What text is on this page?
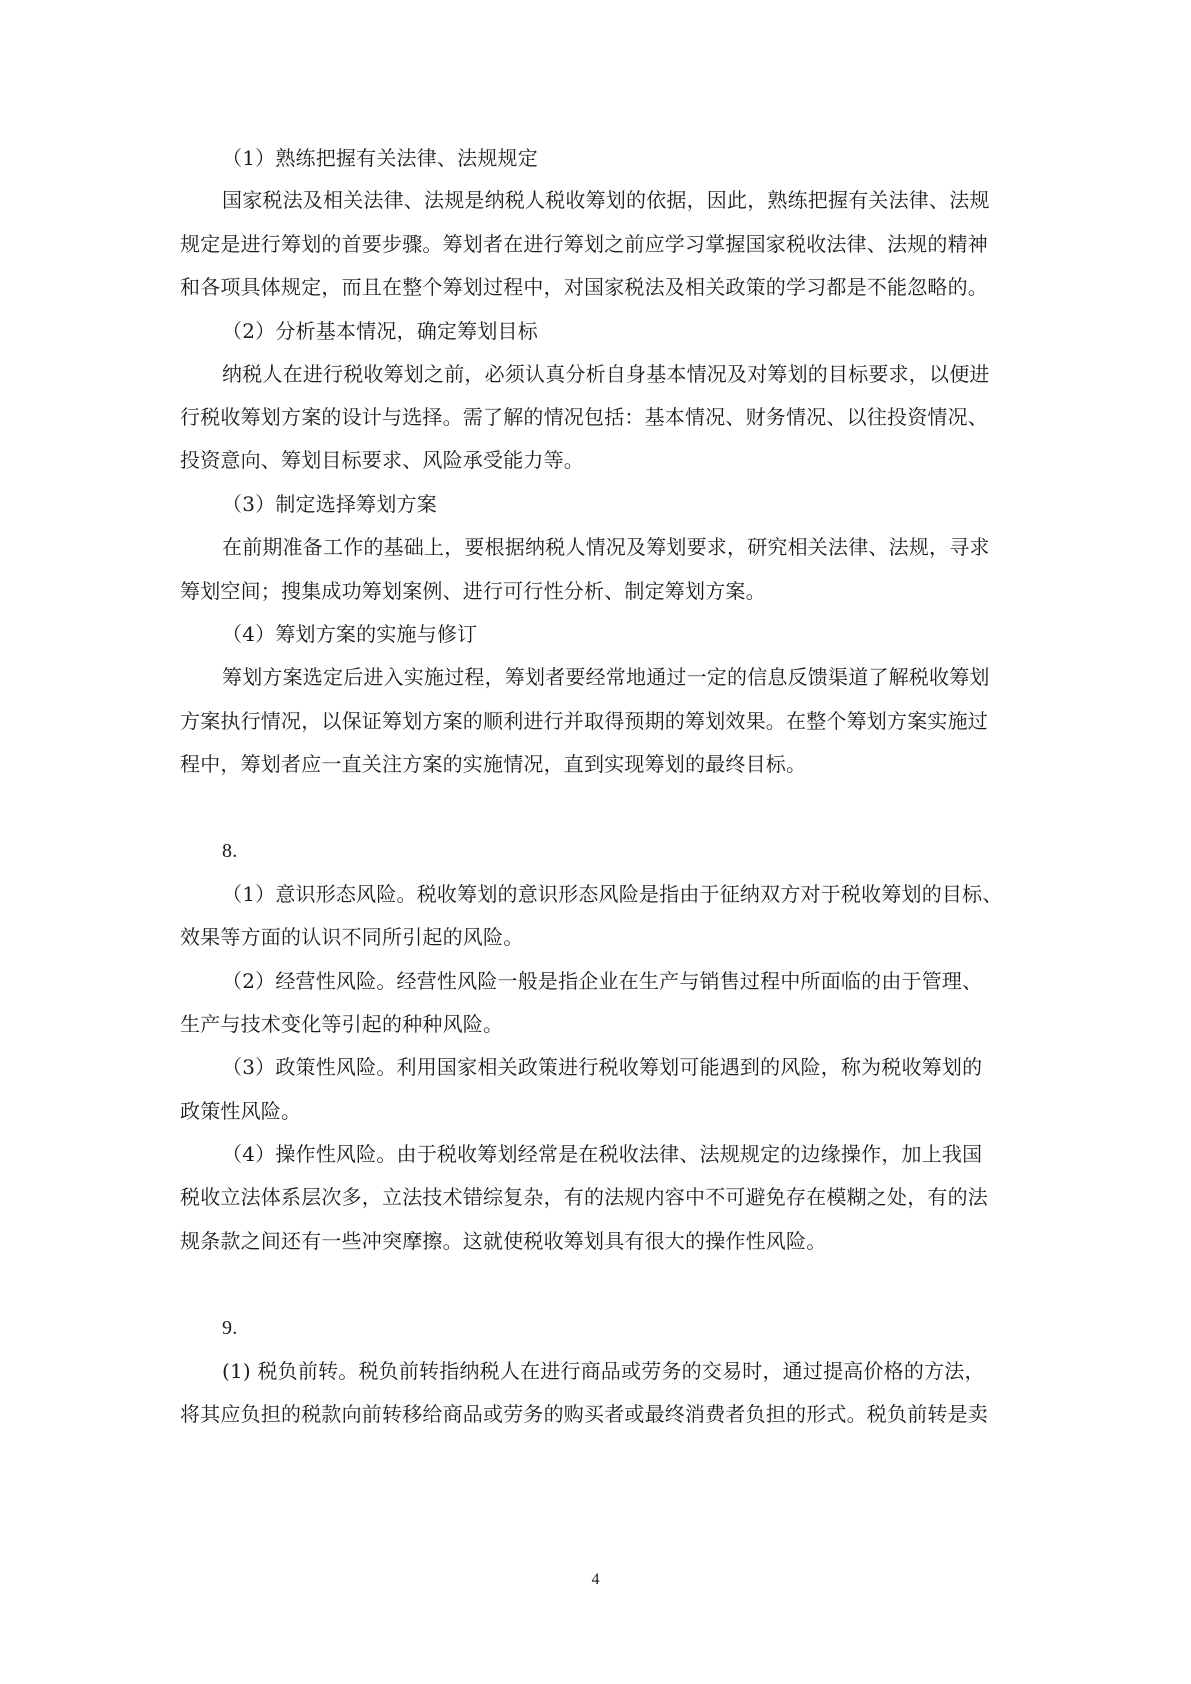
（1）熟练把握有关法律、法规规定
国家税法及相关法律、法规是纳税人税收筹划的依据，因此，熟练把握有关法律、法规
规定是进行筹划的首要步骤。筹划者在进行筹划之前应学习掌握国家税收法律、法规的精神
和各项具体规定，而且在整个筹划过程中，对国家税法及相关政策的学习都是不能忽略的。
（2）分析基本情况，确定筹划目标
纳税人在进行税收筹划之前，必须认真分析自身基本情况及对筹划的目标要求，以便进
行税收筹划方案的设计与选择。需了解的情况包括：基本情况、财务情况、以往投资情况、
投资意向、筹划目标要求、风险承受能力等。
（3）制定选择筹划方案
在前期准备工作的基础上，要根据纳税人情况及筹划要求，研究相关法律、法规，寻求
筹划空间；搜集成功筹划案例、进行可行性分析、制定筹划方案。
（4）筹划方案的实施与修订
筹划方案选定后进入实施过程，筹划者要经常地通过一定的信息反馈渠道了解税收筹划
方案执行情况，以保证筹划方案的顺利进行并取得预期的筹划效果。在整个筹划方案实施过
程中，筹划者应一直关注方案的实施情况，直到实现筹划的最终目标。
8.
（1）意识形态风险。税收筹划的意识形态风险是指由于征纳双方对于税收筹划的目标、
效果等方面的认识不同所引起的风险。
（2）经营性风险。经营性风险一般是指企业在生产与销售过程中所面临的由于管理、
生产与技术变化等引起的种种风险。
（3）政策性风险。利用国家相关政策进行税收筹划可能遇到的风险，称为税收筹划的
政策性风险。
（4）操作性风险。由于税收筹划经常是在税收法律、法规规定的边缘操作，加上我国
税收立法体系层次多，立法技术错综复杂，有的法规内容中不可避免存在模糊之处，有的法
规条款之间还有一些冲突摩擦。这就使税收筹划具有很大的操作性风险。
9.
(1) 税负前转。税负前转指纳税人在进行商品或劳务的交易时，通过提高价格的方法，
将其应负担的税款向前转移给商品或劳务的购买者或最终消费者负担的形式。税负前转是卖
4
